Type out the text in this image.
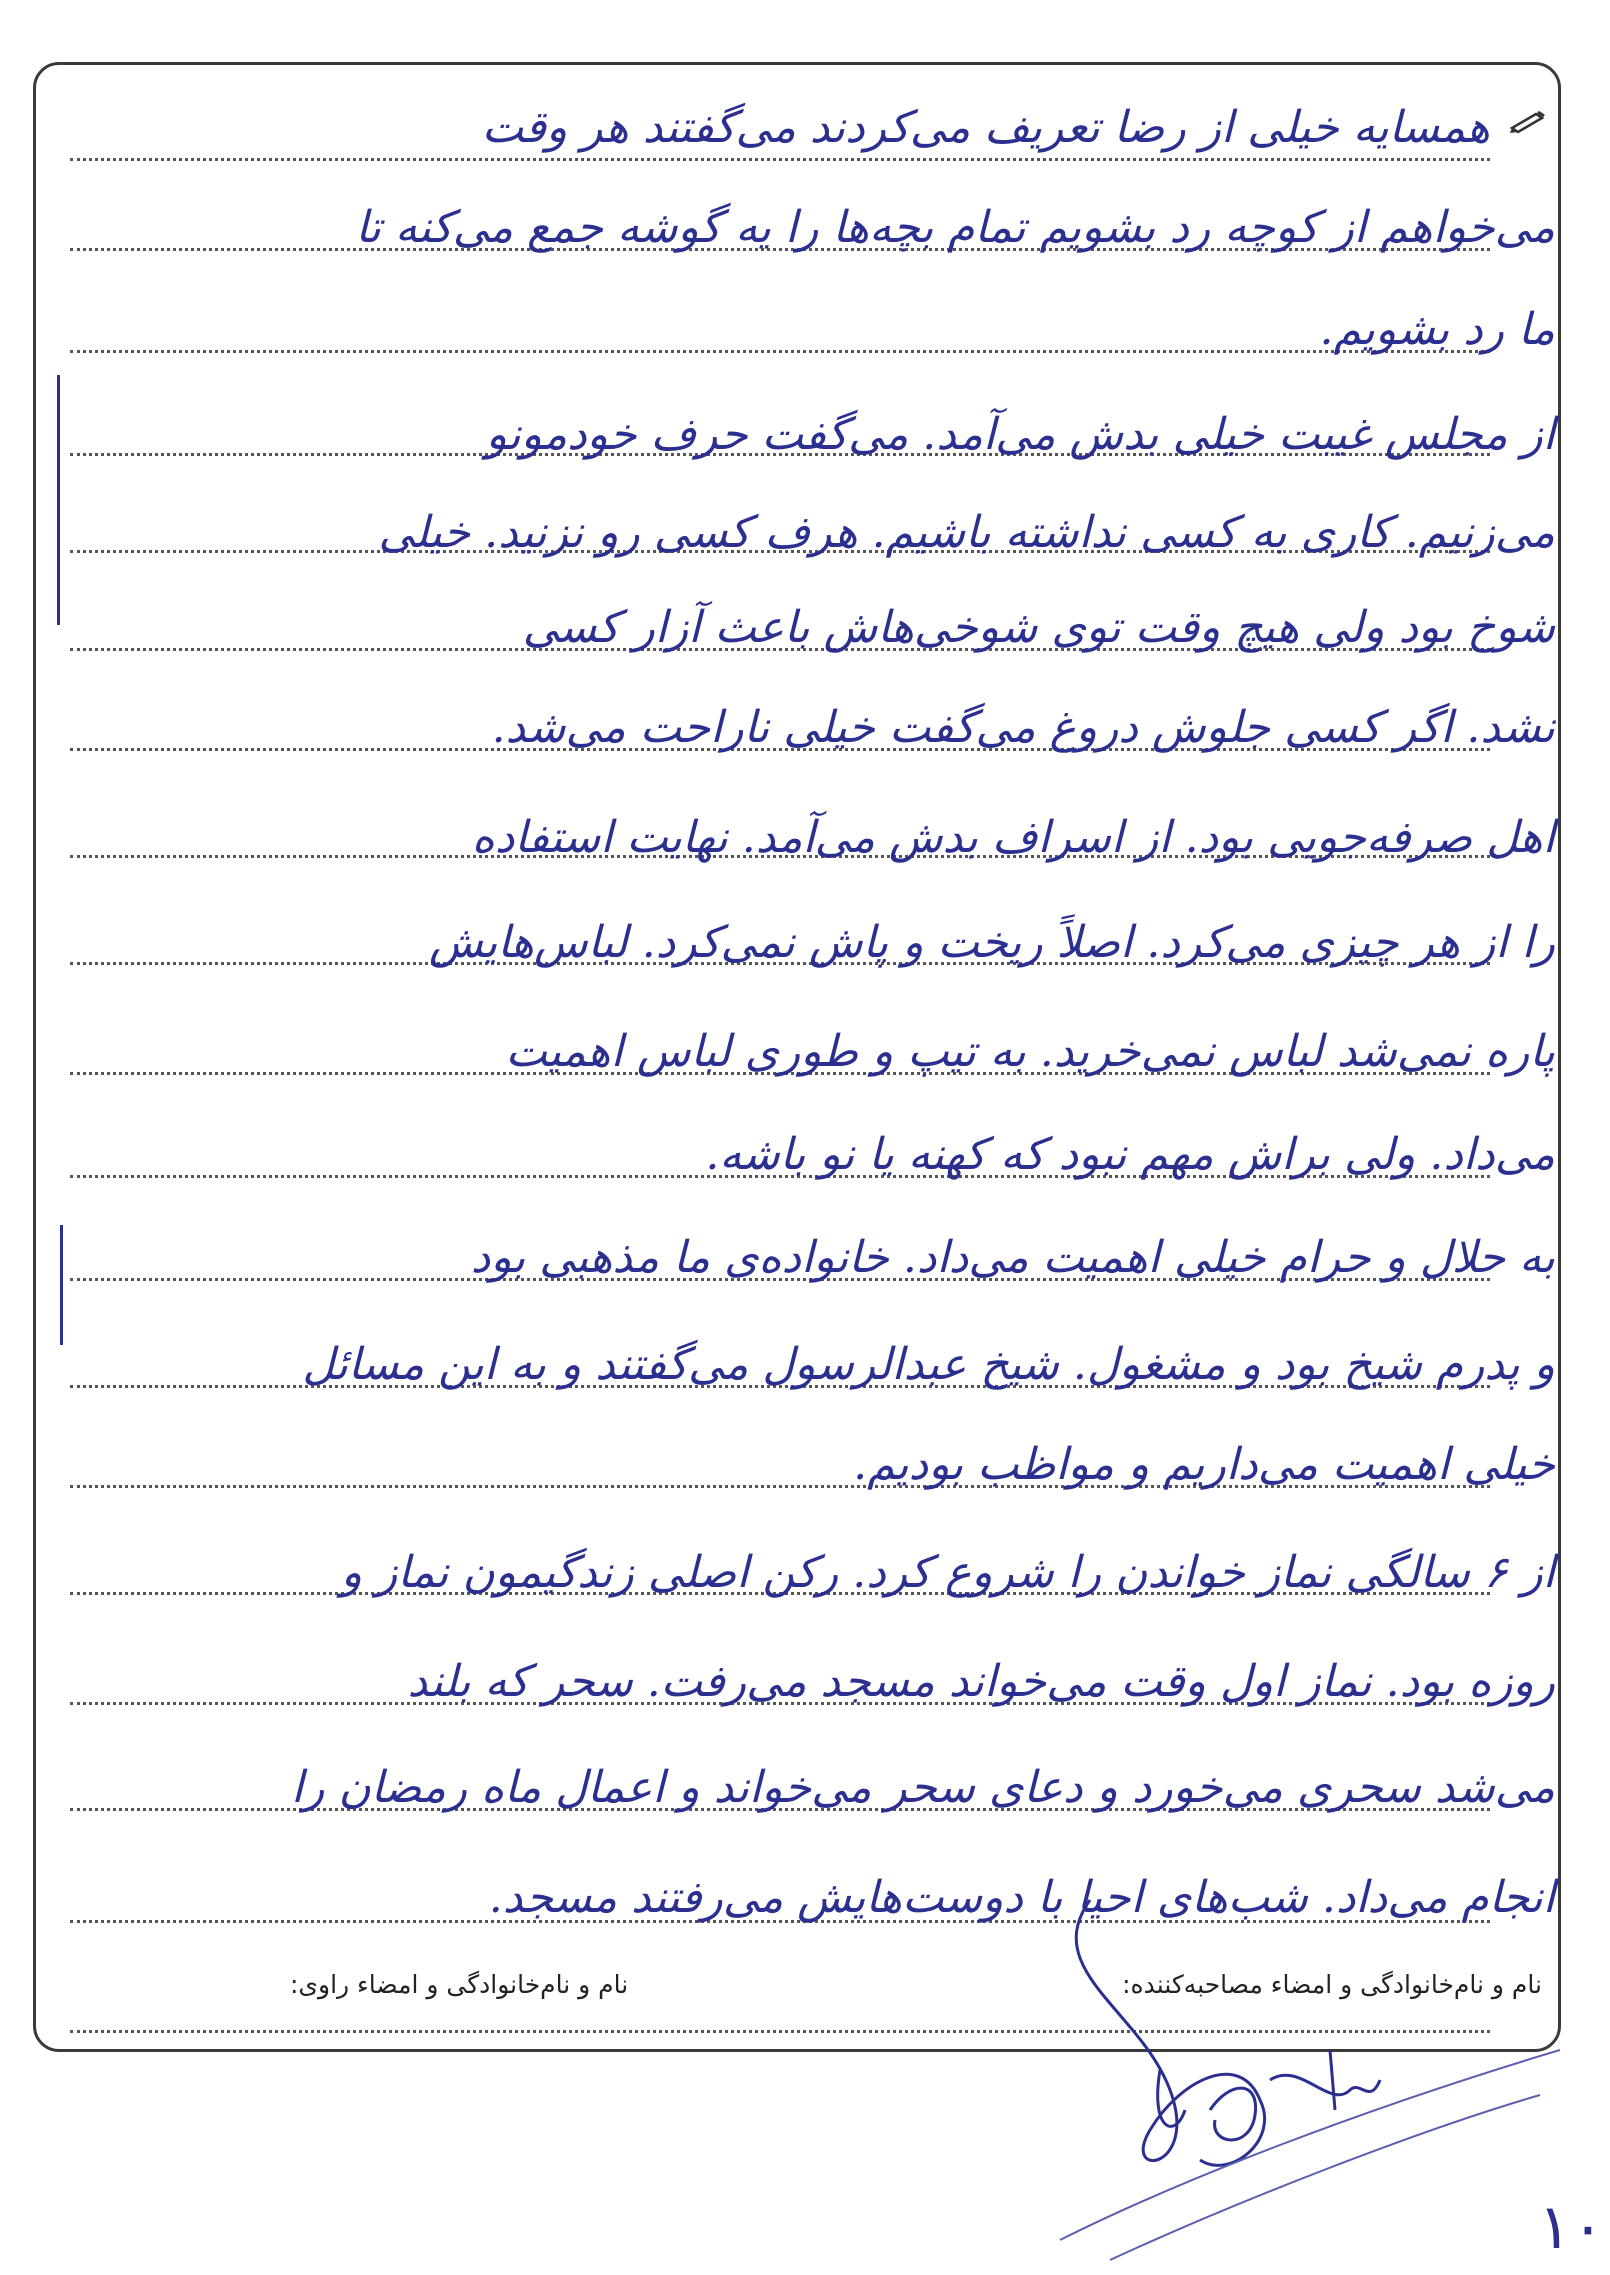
همسایه خیلی از رضا تعریف می‌کردند می‌گفتند هر وقت
می‌خواهم از کوچه رد بشویم تمام بچه‌ها را یه گوشه جمع می‌کنه تا
ما رد بشویم.
از مجلس غیبت خیلی بدش می‌آمد. می‌گفت حرف خودمونو
می‌زنیم. کاری به کسی نداشته باشیم. هرف کسی رو نزنید. خیلی
شوخ بود ولی هیچ وقت توی شوخی‌هاش باعث آزار کسی
نشد. اگر کسی جلوش دروغ می‌گفت خیلی ناراحت می‌شد.
اهل صرفه‌جویی بود. از اسراف بدش می‌آمد. نهایت استفاده
را از هر چیزی می‌کرد. اصلاً ریخت و پاش نمی‌کرد. لباس‌هایش
پاره نمی‌شد لباس نمی‌خرید. به تیپ و طوری لباس اهمیت
می‌داد. ولی براش مهم نبود که کهنه یا نو باشه.
به حلال و حرام خیلی اهمیت می‌داد. خانواده‌ی ما مذهبی بود
و پدرم شیخ بود و مشغول. شیخ عبدالرسول می‌گفتند و به این مسائل
خیلی اهمیت می‌داریم و مواظب بودیم.
از ۶ سالگی نماز خواندن را شروع کرد. رکن اصلی زندگیمون نماز و
روزه بود. نماز اول وقت می‌خواند مسجد می‌رفت. سحر که بلند
می‌شد سحری می‌خورد و دعای سحر می‌خواند و اعمال ماه رمضان را
انجام می‌داد. شب‌های احیا با دوست‌هایش می‌رفتند مسجد.
نام و نام‌خانوادگی و امضاء مصاحبه‌کننده:
نام و نام‌خانوادگی و امضاء راوی:
۱۰
